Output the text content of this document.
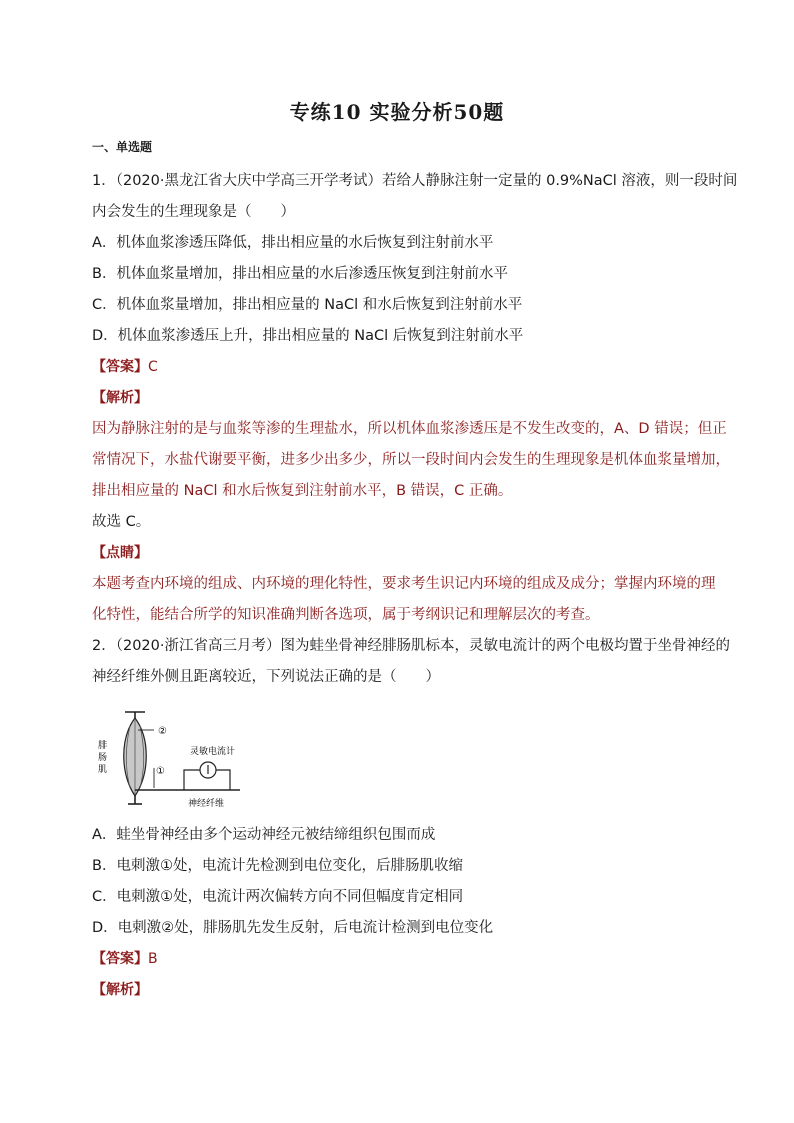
专练10 实验分析50题
一、单选题
1．（2020·黑龙江省大庆中学高三开学考试）若给人静脉注射一定量的 0.9%NaCl 溶液，则一段时间
内会发生的生理现象是（　　）
A．机体血浆渗透压降低，排出相应量的水后恢复到注射前水平
B．机体血浆量增加，排出相应量的水后渗透压恢复到注射前水平
C．机体血浆量增加，排出相应量的 NaCl 和水后恢复到注射前水平
D．机体血浆渗透压上升，排出相应量的 NaCl 后恢复到注射前水平
【答案】C
【解析】
因为静脉注射的是与血浆等渗的生理盐水，所以机体血浆渗透压是不发生改变的，A、D 错误；但正
常情况下，水盐代谢要平衡，进多少出多少，所以一段时间内会发生的生理现象是机体血浆量增加，
排出相应量的 NaCl 和水后恢复到注射前水平，B 错误，C 正确。
故选 C。
【点睛】
本题考查内环境的组成、内环境的理化特性，要求考生识记内环境的组成及成分；掌握内环境的理
化特性，能结合所学的知识准确判断各选项，属于考纲识记和理解层次的考查。
2．（2020·浙江省高三月考）图为蛙坐骨神经腓肠肌标本，灵敏电流计的两个电极均置于坐骨神经的
神经纤维外侧且距离较近，下列说法正确的是（　　）
②
①
灵敏电流计
神经纤维
腓
肠
肌
A．蛙坐骨神经由多个运动神经元被结缔组织包围而成
B．电刺激①处，电流计先检测到电位变化，后腓肠肌收缩
C．电刺激①处，电流计两次偏转方向不同但幅度肯定相同
D．电刺激②处，腓肠肌先发生反射，后电流计检测到电位变化
【答案】B
【解析】
